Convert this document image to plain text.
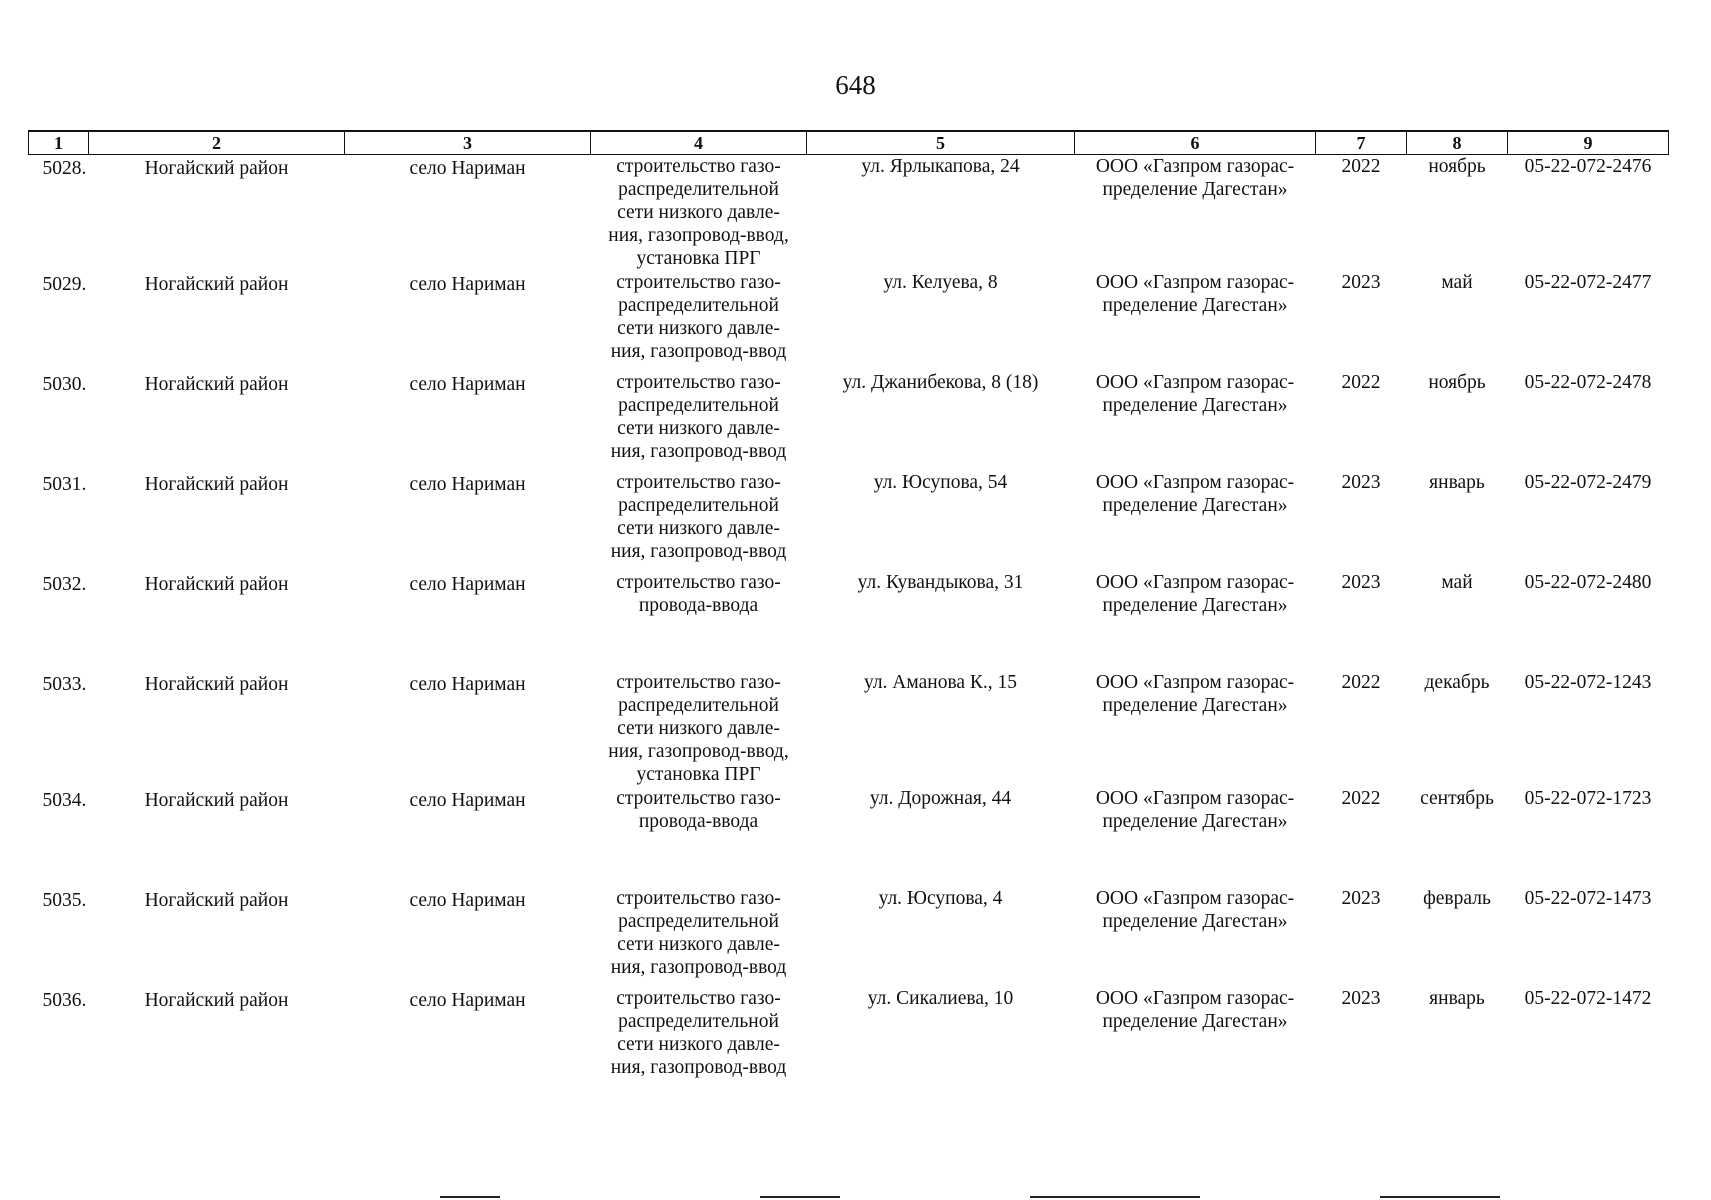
648
1	2	3	4	5	6	7	8	9
5028.	Ногайский район	село Нариман	строительство газо-
распределительной
сети низкого давле-
ния, газопровод-ввод,
установка ПРГ	ул. Ярлыкапова, 24	ООО «Газпром газорас-
пределение Дагестан»	2022	ноябрь	05-22-072-2476
5029.	Ногайский район	село Нариман	строительство газо-
распределительной
сети низкого давле-
ния, газопровод-ввод	ул. Келуева, 8	ООО «Газпром газорас-
пределение Дагестан»	2023	май	05-22-072-2477
5030.	Ногайский район	село Нариман	строительство газо-
распределительной
сети низкого давле-
ния, газопровод-ввод	ул. Джанибекова, 8 (18)	ООО «Газпром газорас-
пределение Дагестан»	2022	ноябрь	05-22-072-2478
5031.	Ногайский район	село Нариман	строительство газо-
распределительной
сети низкого давле-
ния, газопровод-ввод	ул. Юсупова, 54	ООО «Газпром газорас-
пределение Дагестан»	2023	январь	05-22-072-2479
5032.	Ногайский район	село Нариман	строительство газо-
провода-ввода	ул. Кувандыкова, 31	ООО «Газпром газорас-
пределение Дагестан»	2023	май	05-22-072-2480
5033.	Ногайский район	село Нариман	строительство газо-
распределительной
сети низкого давле-
ния, газопровод-ввод,
установка ПРГ	ул. Аманова К., 15	ООО «Газпром газорас-
пределение Дагестан»	2022	декабрь	05-22-072-1243
5034.	Ногайский район	село Нариман	строительство газо-
провода-ввода	ул. Дорожная, 44	ООО «Газпром газорас-
пределение Дагестан»	2022	сентябрь	05-22-072-1723
5035.	Ногайский район	село Нариман	строительство газо-
распределительной
сети низкого давле-
ния, газопровод-ввод	ул. Юсупова, 4	ООО «Газпром газорас-
пределение Дагестан»	2023	февраль	05-22-072-1473
5036.	Ногайский район	село Нариман	строительство газо-
распределительной
сети низкого давле-
ния, газопровод-ввод	ул. Сикалиева, 10	ООО «Газпром газорас-
пределение Дагестан»	2023	январь	05-22-072-1472
